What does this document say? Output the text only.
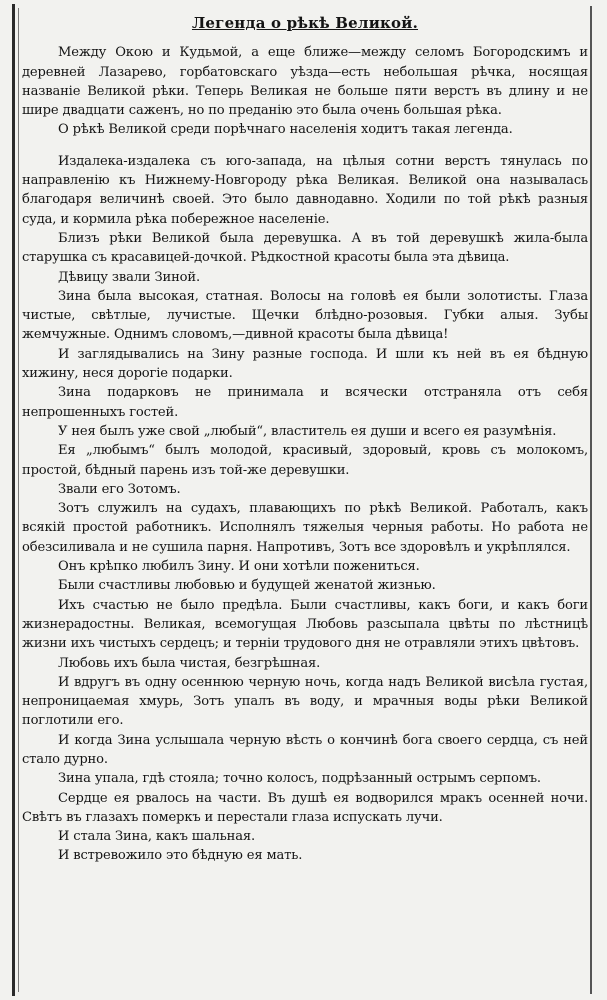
Легенда о рѣкѣ Великой.

Между Окою и Кудьмой, а еще ближе—между селомъ Богородскимъ и деревней Лазарево, горбатовскаго уѣзда—есть небольшая рѣчка, носящая названіе Великой рѣки. Теперь Великая не больше пяти верстъ въ длину и не шире двадцати саженъ, но по преданію это была очень большая рѣка.

О рѣкѣ Великой среди порѣчнаго населенія ходитъ такая легенда.

Издалека-издалека съ юго-запада, на цѣлыя сотни верстъ тянулась по направленію къ Нижнему-Новгороду рѣка Великая. Великой она называлась благодаря величинѣ своей. Это было давнодавно. Ходили по той рѣкѣ разныя суда, и кормила рѣка побережное населеніе.

Близъ рѣки Великой была деревушка. А въ той деревушкѣ жила-была старушка съ красавицей-дочкой. Рѣдкостной красоты была эта дѣвица.

Дѣвицу звали Зиной.

Зина была высокая, статная. Волосы на головѣ ея были золотисты. Глаза чистые, свѣтлые, лучистые. Щечки блѣдно-розовыя. Губки алыя. Зубы жемчужные. Однимъ словомъ,—дивной красоты была дѣвица!

И заглядывались на Зину разные господа. И шли къ ней въ ея бѣдную хижину, неся дорогіе подарки.

Зина подарковъ не принимала и всячески отстраняла отъ себя непрошенныхъ гостей.

У нея былъ уже свой „любый“, властитель ея души и всего ея разумѣнія.

Ея „любымъ“ былъ молодой, красивый, здоровый, кровь съ молокомъ, простой, бѣдный парень изъ той-же деревушки.

Звали его Зотомъ.

Зотъ служилъ на судахъ, плавающихъ по рѣкѣ Великой. Работалъ, какъ всякій простой работникъ. Исполнялъ тяжелыя черныя работы. Но работа не обезсиливала и не сушила парня. Напротивъ, Зотъ все здоровѣлъ и укрѣплялся.

Онъ крѣпко любилъ Зину. И они хотѣли пожениться.

Были счастливы любовью и будущей женатой жизнью.

Ихъ счастью не было предѣла. Были счастливы, какъ боги, и какъ боги жизнерадостны. Великая, всемогущая Любовь разсыпала цвѣты по лѣстницѣ жизни ихъ чистыхъ сердецъ; и терніи трудового дня не отравляли этихъ цвѣтовъ.

Любовь ихъ была чистая, безгрѣшная.

И вдругъ въ одну осеннюю черную ночь, когда надъ Великой висѣла густая, непроницаемая хмурь, Зотъ упалъ въ воду, и мрачныя воды рѣки Великой поглотили его.

И когда Зина услышала черную вѣсть о кончинѣ бога своего сердца, съ ней стало дурно.

Зина упала, гдѣ стояла; точно колосъ, подрѣзанный острымъ серпомъ.

Сердце ея рвалось на части. Въ душѣ ея водворился мракъ осенней ночи. Свѣтъ въ глазахъ померкъ и перестали глаза испускать лучи.

И стала Зина, какъ шальная.

И встревожило это бѣдную ея мать.
